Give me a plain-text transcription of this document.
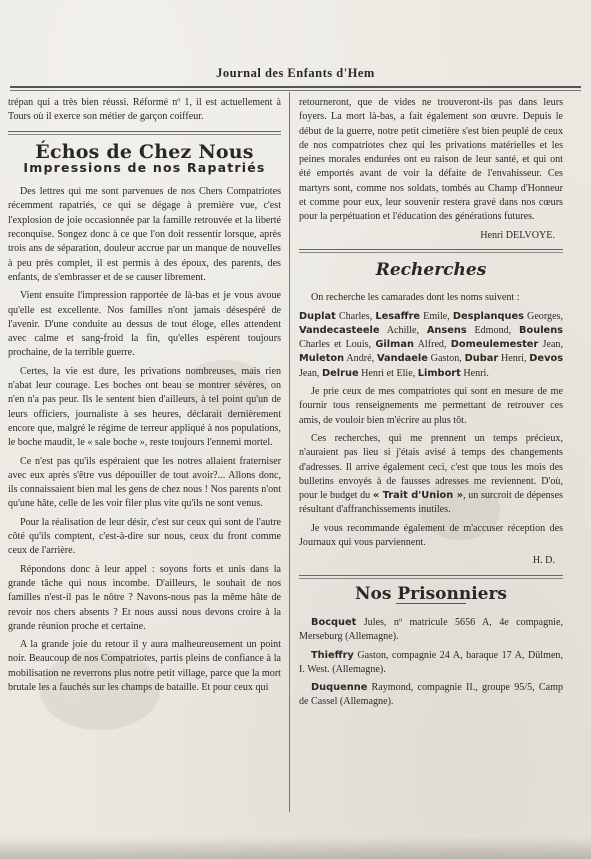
Journal des Enfants d'Hem

trépan qui a très bien réussi. Réformé nº 1, il est actuellement à Tours où il exerce son métier de garçon coiffeur.

Échos de Chez Nous
Impressions de nos Rapatriés

Des lettres qui me sont parvenues de nos Chers Compatriotes récemment rapatriés, ce qui se dégage à première vue, c'est l'explosion de joie occasionnée par la famille retrouvée et la liberté reconquise. Songez donc à ce que l'on doit ressentir lorsque, après trois ans de séparation, douleur accrue par un manque de nouvelles à peu près complet, il est permis à des époux, des parents, des enfants, de s'embrasser et de se causer librement.

Vient ensuite l'impression rapportée de là-bas et je vous avoue qu'elle est excellente. Nos familles n'ont jamais désespéré de l'avenir. D'une conduite au dessus de tout éloge, elles attendent avec calme et sang-froid la fin, qu'elles espèrent toujours prochaine, de la terrible guerre.

Certes, la vie est dure, les privations nombreuses, mais rien n'abat leur courage. Les boches ont beau se montrer sévères, on n'en n'a pas peur. Ils le sentent bien d'ailleurs, à tel point qu'un de leurs officiers, journaliste à ses heures, déclarait dernièrement encore que, malgré le régime de terreur appliqué à nos populations, le boche maudit, le « sale boche », reste toujours l'ennemi mortel.

Ce n'est pas qu'ils espéraient que les notres allaient fraterniser avec eux après s'être vus dépouiller de tout avoir?... Allons donc, ils connaissaient bien mal les gens de chez nous ! Nos parents n'ont qu'une hâte, celle de les voir filer plus vite qu'ils ne sont venus.

Pour la réalisation de leur désir, c'est sur ceux qui sont de l'autre côté qu'ils comptent, c'est-à-dire sur nous, ceux du front comme ceux de l'arrière.

Répondons donc à leur appel : soyons forts et unis dans la grande tâche qui nous incombe. D'ailleurs, le souhait de nos familles n'est-il pas le nôtre ? Navons-nous pas la même hâte de revoir nos chers absents ? Et nous aussi nous devons croire à la grande réunion proche et certaine.

A la grande joie du retour il y aura malheureusement un point noir. Beaucoup de nos Compatriotes, partis pleins de confiance à la mobilisation ne reverrons plus notre petit village, parce que la mort brutale les a fauchés sur les champs de bataille. Et pour ceux qui

retourneront, que de vides ne trouveront-ils pas dans leurs foyers. La mort là-bas, a fait également son œuvre. Depuis le début de la guerre, notre petit cimetière s'est bien peuplé de ceux de nos compatriotes chez qui les privations matérielles et les peines morales endurées ont eu raison de leur santé, et qui ont été emportés avant de voir la défaite de l'envahisseur. Ces martyrs sont, comme nos soldats, tombés au Champ d'Honneur et comme pour eux, leur souvenir restera gravé dans nos cœurs pour la perpétuation et l'éducation des générations futures.

Henri DELVOYE.

Recherches

On recherche les camarades dont les noms suivent :

Duplat Charles, Lesaffre Emile, Desplanques Georges, Vandecasteele Achille, Ansens Edmond, Boulens Charles et Louis, Gilman Alfred, Domeulemester Jean, Muleton André, Vandaele Gaston, Dubar Henri, Devos Jean, Delrue Henri et Elie, Limbort Henri.

Je prie ceux de mes compatriotes qui sont en mesure de me fournir tous renseignements me permettant de retrouver ces amis, de vouloir bien m'écrire au plus tôt.

Ces recherches, qui me prennent un temps précieux, n'auraient pas lieu si j'étais avisé à temps des changements d'adresses. Il arrive également ceci, c'est que tous les mois des bulletins envoyés à de fausses adresses me reviennent. D'où, pour le budget du « Trait d'Union », un surcroit de dépenses résultant d'affranchissements inutiles.

Je vous recommande également de m'accuser réception des Journaux qui vous parviennent.

H. D.

Nos Prisonniers

Bocquet Jules, nº matricule 5656 A, 4e compagnie, Merseburg (Allemagne).

Thieffry Gaston, compagnie 24 A, baraque 17 A, Dülmen, I. West. (Allemagne).

Duquenne Raymond, compagnie II., groupe 95/5, Camp de Cassel (Allemagne).
